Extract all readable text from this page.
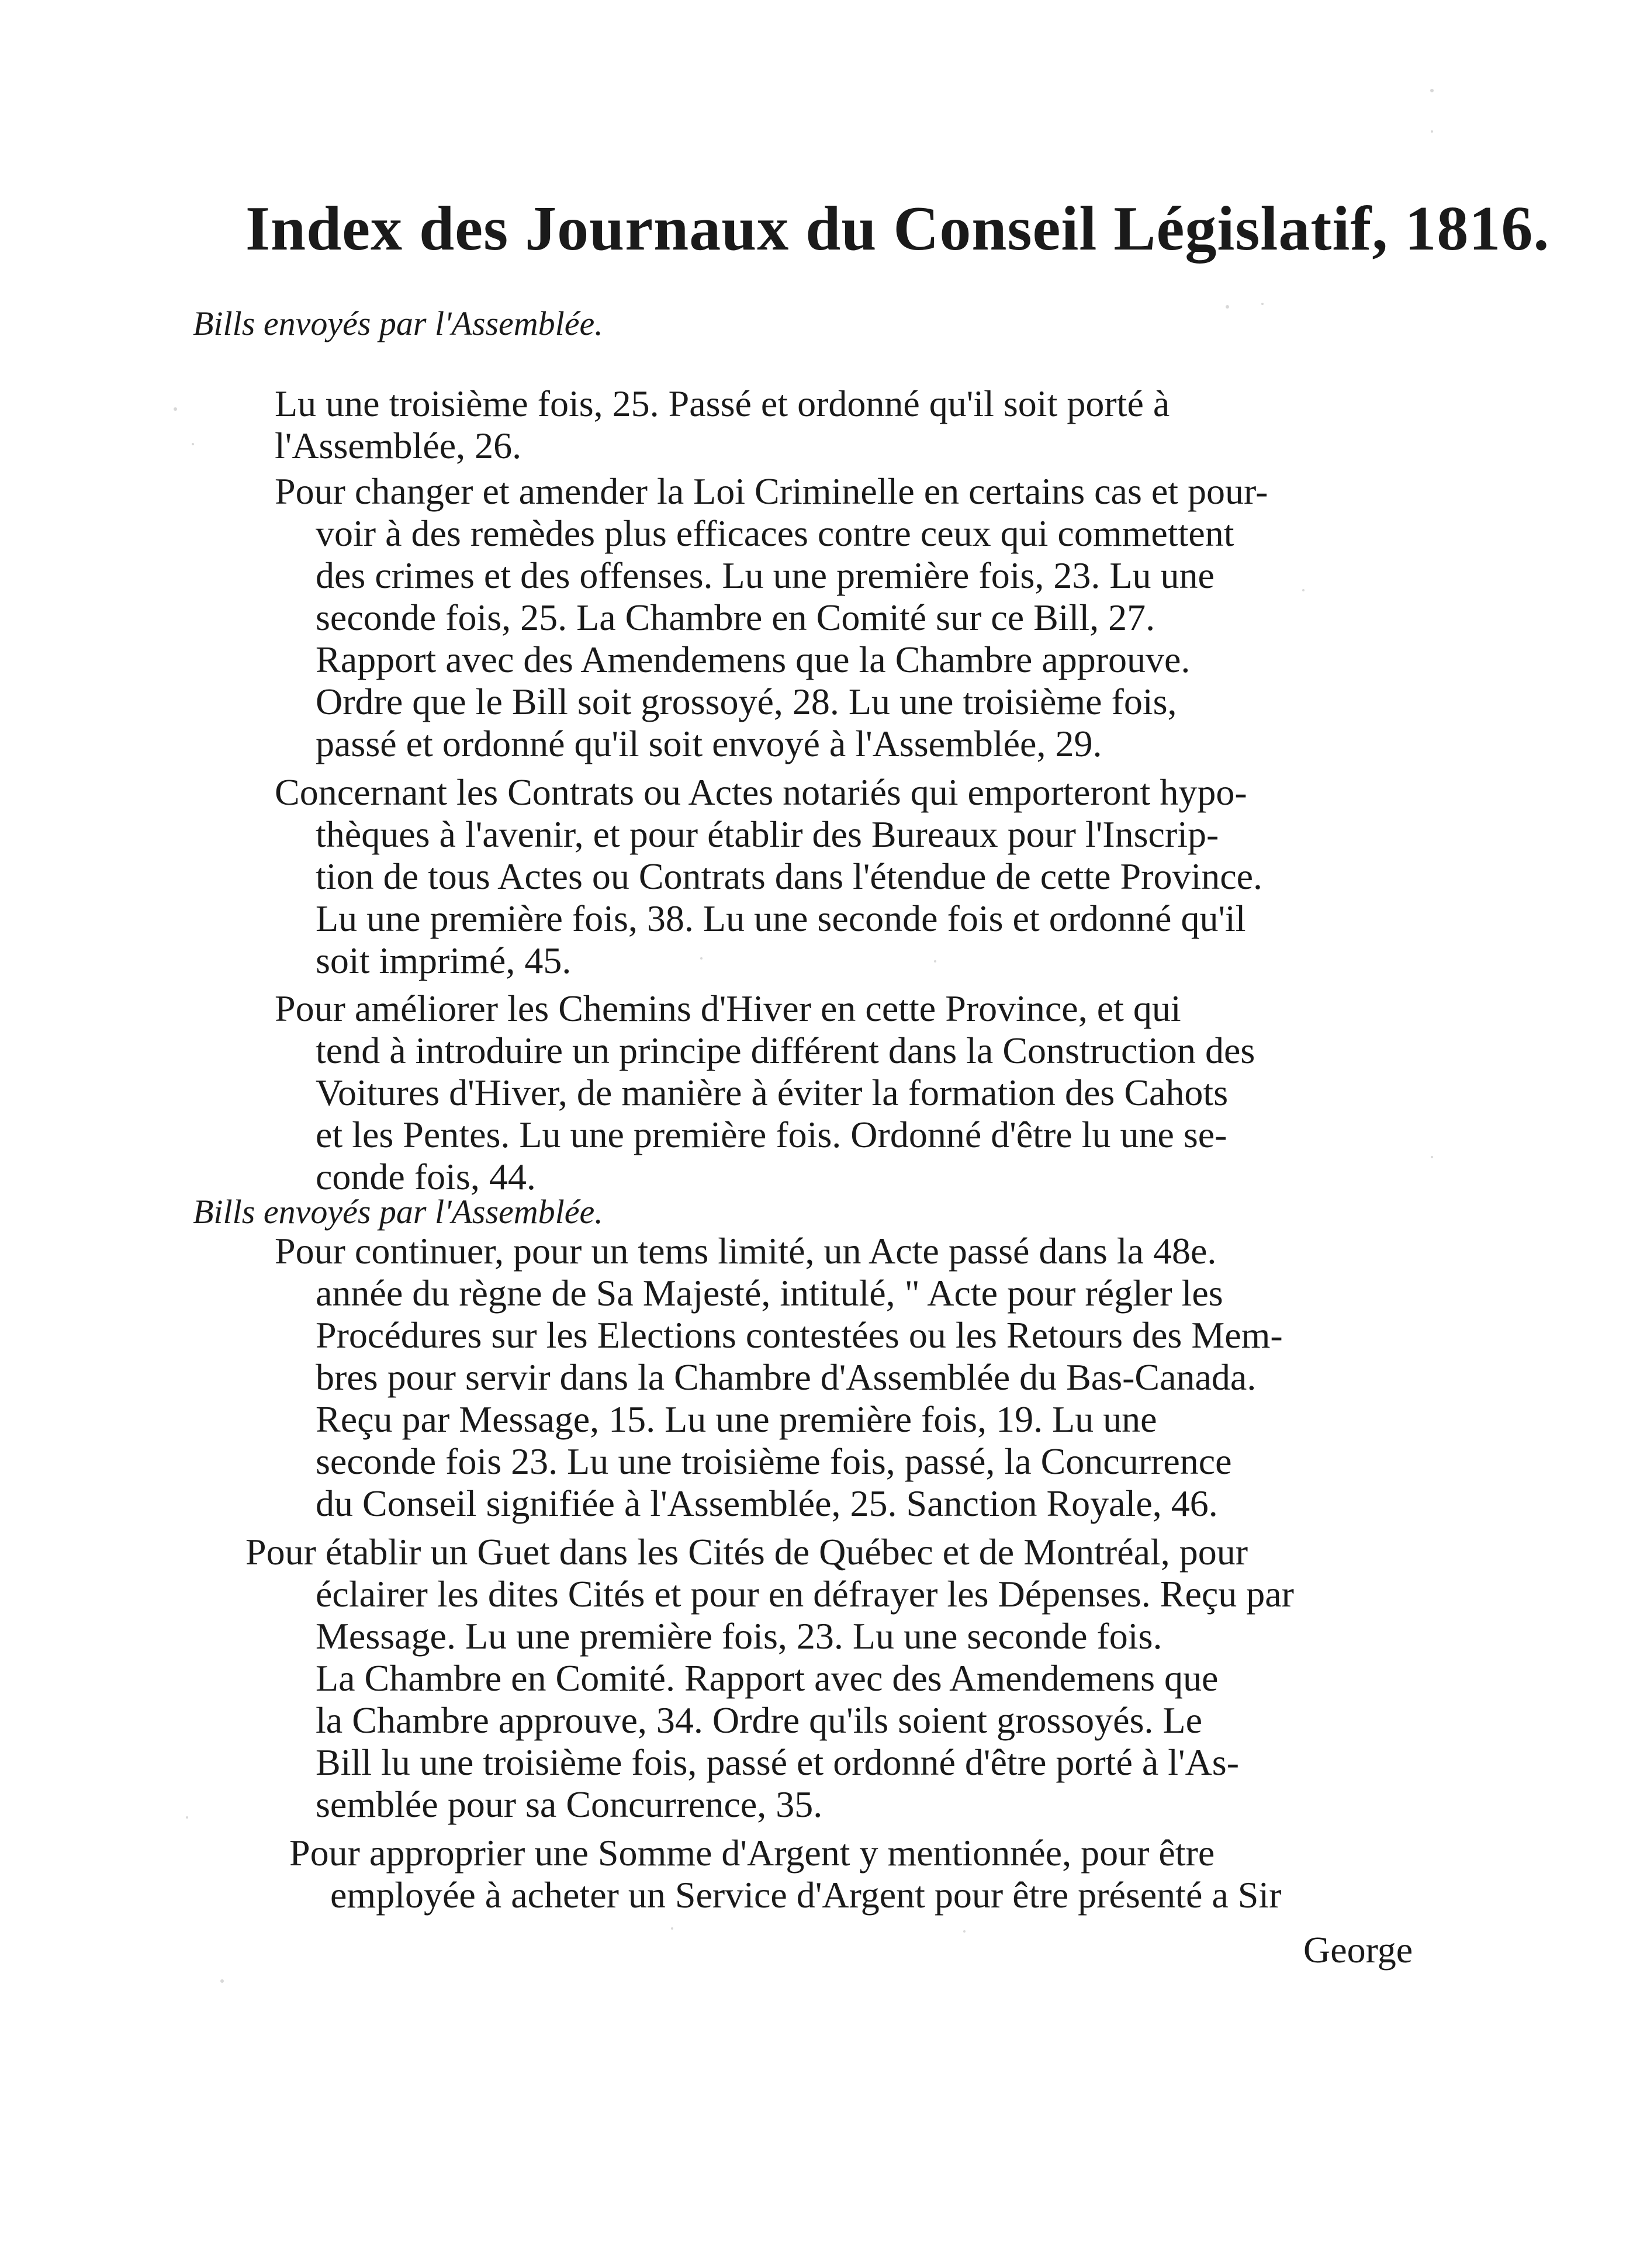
Index des Journaux du Conseil Législatif, 1816.
Bills envoyés par l'Assemblée.
Lu une troisième fois, 25. Passé et ordonné qu'il soit porté à
l'Assemblée, 26.
Pour changer et amender la Loi Criminelle en certains cas et pour-
voir à des remèdes plus efficaces contre ceux qui commettent
des crimes et des offenses. Lu une première fois, 23. Lu une
seconde fois, 25. La Chambre en Comité sur ce Bill, 27.
Rapport avec des Amendemens que la Chambre approuve.
Ordre que le Bill soit grossoyé, 28. Lu une troisième fois,
passé et ordonné qu'il soit envoyé à l'Assemblée, 29.
Concernant les Contrats ou Actes notariés qui emporteront hypo-
thèques à l'avenir, et pour établir des Bureaux pour l'Inscrip-
tion de tous Actes ou Contrats dans l'étendue de cette Province.
Lu une première fois, 38. Lu une seconde fois et ordonné qu'il
soit imprimé, 45.
Pour améliorer les Chemins d'Hiver en cette Province, et qui
tend à introduire un principe différent dans la Construction des
Voitures d'Hiver, de manière à éviter la formation des Cahots
et les Pentes. Lu une première fois. Ordonné d'être lu une se-
conde fois, 44.
Bills envoyés par l'Assemblée.
Pour continuer, pour un tems limité, un Acte passé dans la 48e.
année du règne de Sa Majesté, intitulé, " Acte pour régler les
Procédures sur les Elections contestées ou les Retours des Mem-
bres pour servir dans la Chambre d'Assemblée du Bas-Canada.
Reçu par Message, 15. Lu une première fois, 19. Lu une
seconde fois 23. Lu une troisième fois, passé, la Concurrence
du Conseil signifiée à l'Assemblée, 25. Sanction Royale, 46.
Pour établir un Guet dans les Cités de Québec et de Montréal, pour
éclairer les dites Cités et pour en défrayer les Dépenses. Reçu par
Message. Lu une première fois, 23. Lu une seconde fois.
La Chambre en Comité. Rapport avec des Amendemens que
la Chambre approuve, 34. Ordre qu'ils soient grossoyés. Le
Bill lu une troisième fois, passé et ordonné d'être porté à l'As-
semblée pour sa Concurrence, 35.
Pour approprier une Somme d'Argent y mentionnée, pour être
employée à acheter un Service d'Argent pour être présenté a Sir
George
